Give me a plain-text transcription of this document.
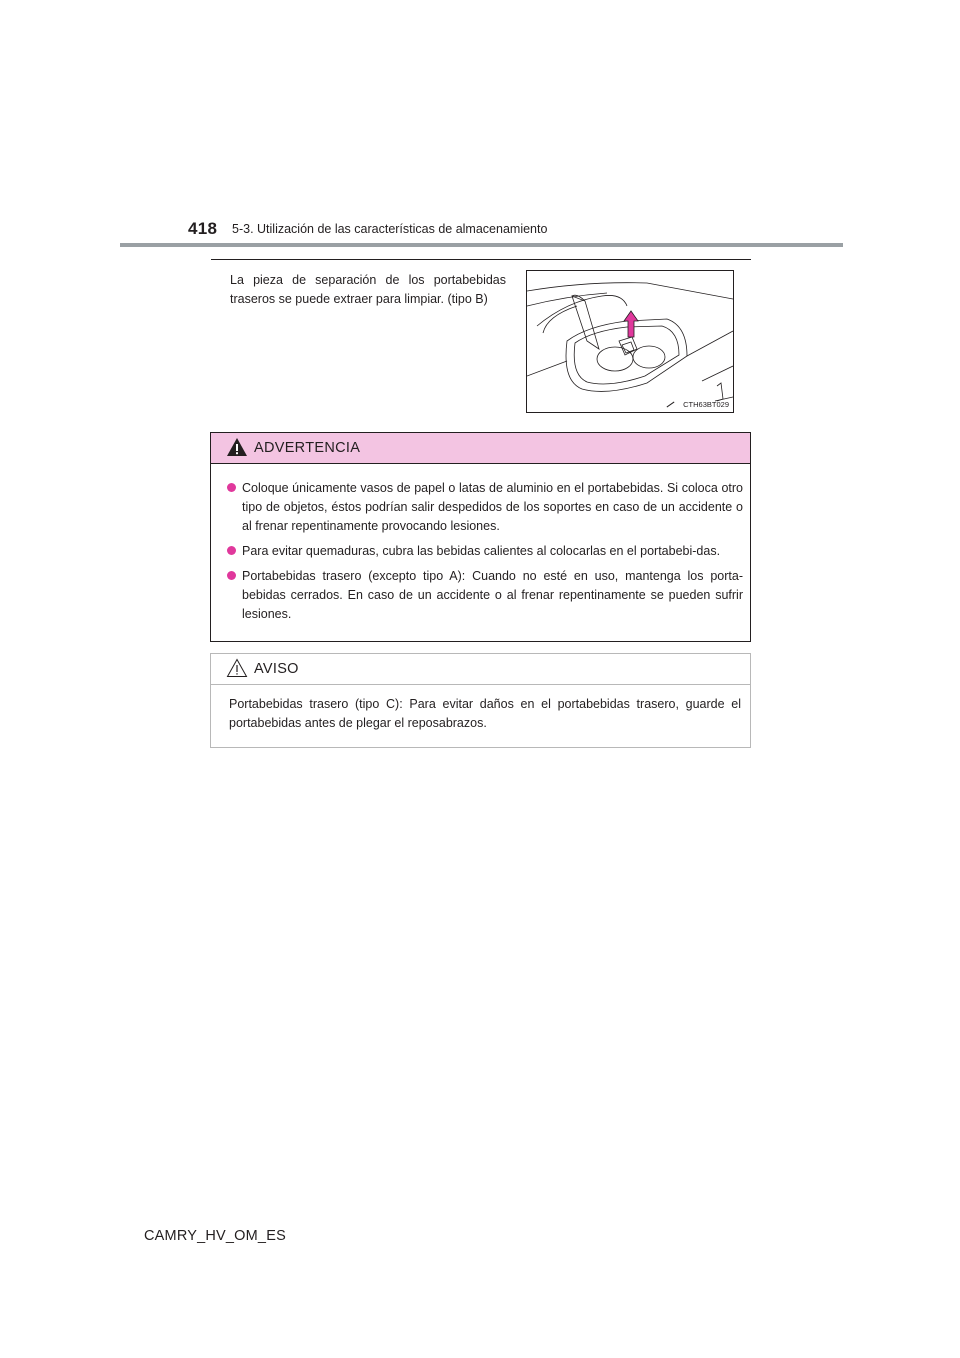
418 5-3. Utilización de las características de almacenamiento
La pieza de separación de los portabebidas traseros se puede extraer para limpiar. (tipo B)
CTH63BT029
ADVERTENCIA
Coloque únicamente vasos de papel o latas de aluminio en el portabebidas. Si coloca otro tipo de objetos, éstos podrían salir despedidos de los soportes en caso de un accidente o al frenar repentinamente provocando lesiones.
Para evitar quemaduras, cubra las bebidas calientes al colocarlas en el portabebi-das.
Portabebidas trasero (excepto tipo A): Cuando no esté en uso, mantenga los porta-bebidas cerrados. En caso de un accidente o al frenar repentinamente se pueden sufrir lesiones.
AVISO
Portabebidas trasero (tipo C): Para evitar daños en el portabebidas trasero, guarde el portabebidas antes de plegar el reposabrazos.
CAMRY_HV_OM_ES
